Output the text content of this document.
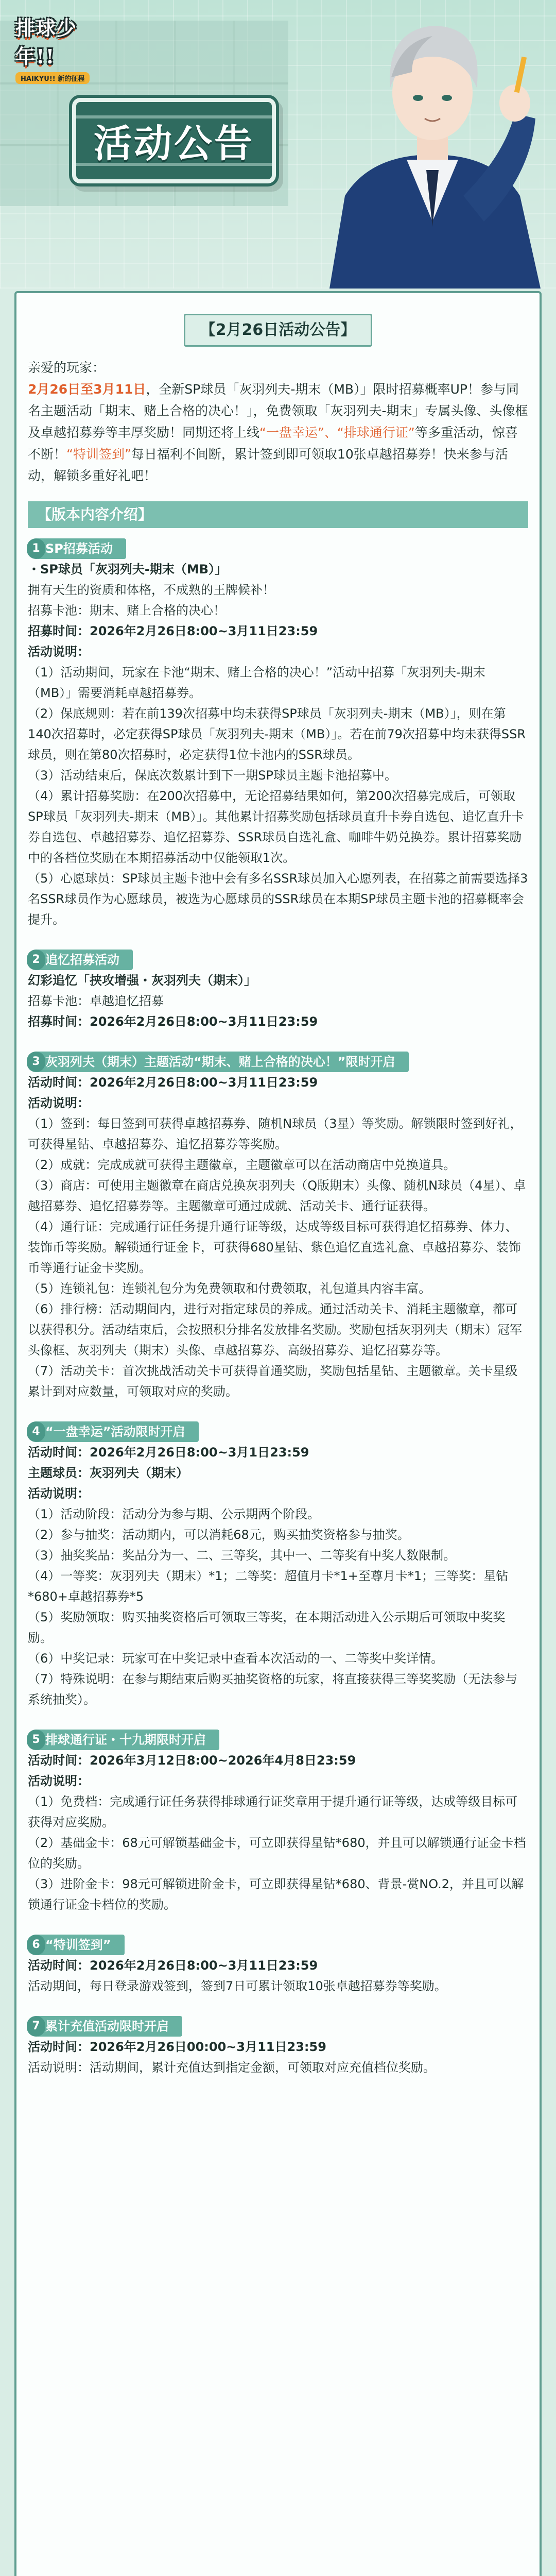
排球少年!!
HAIKYU!! 新的征程
活动公告
【2月26日活动公告】

亲爱的玩家：

2月26日至3月11日，全新SP球员「灰羽列夫-期末（MB）」限时招募概率UP！参与同名主题活动「期末、赌上合格的决心！」，免费领取「灰羽列夫-期末」专属头像、头像框及卓越招募券等丰厚奖励！同期还将上线“一盘幸运”、“排球通行证”等多重活动，惊喜不断！“特训签到”每日福利不间断，累计签到即可领取10张卓越招募券！快来参与活动，解锁多重好礼吧！

【版本内容介绍】
1 SP招募活动

・SP球员「灰羽列夫-期末（MB）」

拥有天生的资质和体格，不成熟的王牌候补！

招募卡池：期末、赌上合格的决心！

招募时间：2026年2月26日8:00~3月11日23:59

活动说明：

（1）活动期间，玩家在卡池“期末、赌上合格的决心！”活动中招募「灰羽列夫-期末（MB）」需要消耗卓越招募券。

（2）保底规则：若在前139次招募中均未获得SP球员「灰羽列夫-期末（MB）」，则在第140次招募时，必定获得SP球员「灰羽列夫-期末（MB）」。若在前79次招募中均未获得SSR球员，则在第80次招募时，必定获得1位卡池内的SSR球员。

（3）活动结束后，保底次数累计到下一期SP球员主题卡池招募中。

（4）累计招募奖励：在200次招募中，无论招募结果如何，第200次招募完成后，可领取SP球员「灰羽列夫-期末（MB）」。其他累计招募奖励包括球员直升卡券自选包、追忆直升卡券自选包、卓越招募券、追忆招募券、SSR球员自选礼盒、咖啡牛奶兑换券。累计招募奖励中的各档位奖励在本期招募活动中仅能领取1次。

（5）心愿球员：SP球员主题卡池中会有多名SSR球员加入心愿列表，在招募之前需要选择3名SSR球员作为心愿球员，被选为心愿球员的SSR球员在本期SP球员主题卡池的招募概率会提升。

2 追忆招募活动

幻彩追忆「挟攻增强・灰羽列夫（期末）」

招募卡池：卓越追忆招募

招募时间：2026年2月26日8:00~3月11日23:59

3 灰羽列夫（期末）主题活动“期末、赌上合格的决心！”限时开启

活动时间：2026年2月26日8:00~3月11日23:59

活动说明：

（1）签到：每日签到可获得卓越招募券、随机N球员（3星）等奖励。解锁限时签到好礼，可获得星钻、卓越招募券、追忆招募券等奖励。

（2）成就：完成成就可获得主题徽章，主题徽章可以在活动商店中兑换道具。

（3）商店：可使用主题徽章在商店兑换灰羽列夫（Q版期末）头像、随机N球员（4星）、卓越招募券、追忆招募券等。主题徽章可通过成就、活动关卡、通行证获得。

（4）通行证：完成通行证任务提升通行证等级，达成等级目标可获得追忆招募券、体力、装饰币等奖励。解锁通行证金卡，可获得680星钻、紫色追忆直选礼盒、卓越招募券、装饰币等通行证金卡奖励。

（5）连锁礼包：连锁礼包分为免费领取和付费领取，礼包道具内容丰富。

（6）排行榜：活动期间内，进行对指定球员的养成。通过活动关卡、消耗主题徽章，都可以获得积分。活动结束后，会按照积分排名发放排名奖励。奖励包括灰羽列夫（期末）冠军头像框、灰羽列夫（期末）头像、卓越招募券、高级招募券、追忆招募券等。

（7）活动关卡：首次挑战活动关卡可获得首通奖励，奖励包括星钻、主题徽章。关卡星级累计到对应数量，可领取对应的奖励。

4 “一盘幸运”活动限时开启

活动时间：2026年2月26日8:00~3月1日23:59

主题球员：灰羽列夫（期末）

活动说明：

（1）活动阶段：活动分为参与期、公示期两个阶段。

（2）参与抽奖：活动期内，可以消耗68元，购买抽奖资格参与抽奖。

（3）抽奖奖品：奖品分为一、二、三等奖，其中一、二等奖有中奖人数限制。

（4）一等奖：灰羽列夫（期末）*1；二等奖：超值月卡*1+至尊月卡*1；三等奖：星钻*680+卓越招募券*5

（5）奖励领取：购买抽奖资格后可领取三等奖，在本期活动进入公示期后可领取中奖奖励。

（6）中奖记录：玩家可在中奖记录中查看本次活动的一、二等奖中奖详情。

（7）特殊说明：在参与期结束后购买抽奖资格的玩家，将直接获得三等奖奖励（无法参与系统抽奖）。

5 排球通行证・十九期限时开启

活动时间：2026年3月12日8:00~2026年4月8日23:59

活动说明：

（1）免费档：完成通行证任务获得排球通行证奖章用于提升通行证等级，达成等级目标可获得对应奖励。

（2）基础金卡：68元可解锁基础金卡，可立即获得星钻*680，并且可以解锁通行证金卡档位的奖励。

（3）进阶金卡：98元可解锁进阶金卡，可立即获得星钻*680、背景-赏NO.2，并且可以解锁通行证金卡档位的奖励。

6 “特训签到”

活动时间：2026年2月26日8:00~3月11日23:59

活动期间，每日登录游戏签到，签到7日可累计领取10张卓越招募券等奖励。

7 累计充值活动限时开启

活动时间：2026年2月26日00:00~3月11日23:59

活动说明：活动期间，累计充值达到指定金额，可领取对应充值档位奖励。
